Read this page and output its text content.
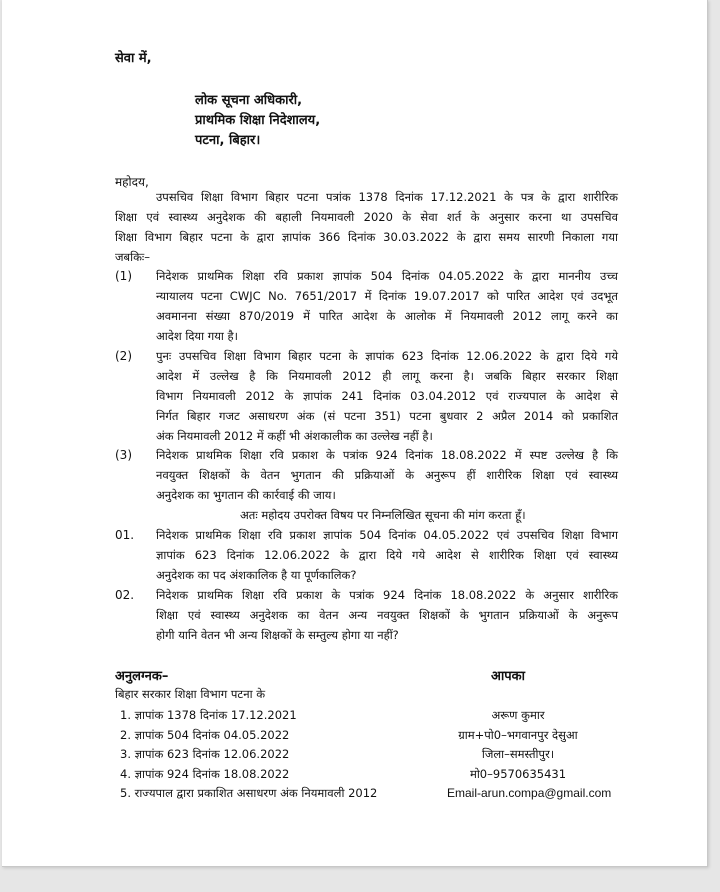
सेवा में,
लोक सूचना अधिकारी,
प्राथमिक शिक्षा निदेशालय,
पटना, बिहार।
महोदय,
उपसचिव शिक्षा विभाग बिहार पटना पत्रांक 1378 दिनांक 17.12.2021 के पत्र के द्वारा शारीरिक
शिक्षा एवं स्वास्थ्य अनुदेशक की बहाली नियमावली 2020 के सेवा शर्त के अनुसार करना था उपसचिव
शिक्षा विभाग बिहार पटना के द्वारा ज्ञापांक 366 दिनांक 30.03.2022 के द्वारा समय सारणी निकाला गया
जबकिः–
(1) निदेशक प्राथमिक शिक्षा रवि प्रकाश ज्ञापांक 504 दिनांक 04.05.2022 के द्वारा माननीय उच्च
न्यायालय पटना CWJC No. 7651/2017 में दिनांक 19.07.2017 को पारित आदेश एवं उदभूत
अवमानना संख्या 870/2019 में पारित आदेश के आलोक में नियमावली 2012 लागू करने का
आदेश दिया गया है।
(2) पुनः उपसचिव शिक्षा विभाग बिहार पटना के ज्ञापांक 623 दिनांक 12.06.2022 के द्वारा दिये गये
आदेश में उल्लेख है कि नियमावली 2012 ही लागू करना है। जबकि बिहार सरकार शिक्षा
विभाग नियमावली 2012 के ज्ञापांक 241 दिनांक 03.04.2012 एवं राज्यपाल के आदेश से
निर्गत बिहार गजट असाधरण अंक (सं पटना 351) पटना बुधवार 2 अप्रैल 2014 को प्रकाशित
अंक नियमावली 2012 में कहीं भी अंशकालीक का उल्लेख नहीं है।
(3) निदेशक प्राथमिक शिक्षा रवि प्रकाश के पत्रांक 924 दिनांक 18.08.2022 में स्पष्ट उल्लेख है कि
नवयुक्त शिक्षकों के वेतन भुगतान की प्रक्रियाओं के अनुरूप हीं शारीरिक शिक्षा एवं स्वास्थ्य
अनुदेशक का भुगतान की कार्रवाई की जाय।
अतः महोदय उपरोक्त विषय पर निम्नलिखित सूचना की मांग करता हूँ।
01. निदेशक प्राथमिक शिक्षा रवि प्रकाश ज्ञापांक 504 दिनांक 04.05.2022 एवं उपसचिव शिक्षा विभाग
ज्ञापांक 623 दिनांक 12.06.2022 के द्वारा दिये गये आदेश से शारीरिक शिक्षा एवं स्वास्थ्य
अनुदेशक का पद अंशकालिक है या पूर्णकालिक?
02. निदेशक प्राथमिक शिक्षा रवि प्रकाश के पत्रांक 924 दिनांक 18.08.2022 के अनुसार शारीरिक
शिक्षा एवं स्वास्थ्य अनुदेशक का वेतन अन्य नवयुक्त शिक्षकों के भुगतान प्रक्रियाओं के अनुरूप
होगी यानि वेतन भी अन्य शिक्षकों के सम्तुल्य होगा या नहीं?
अनुलग्नक–
बिहार सरकार शिक्षा विभाग पटना के
1. ज्ञापांक 1378 दिनांक 17.12.2021
2. ज्ञापांक 504 दिनांक 04.05.2022
3. ज्ञापांक 623 दिनांक 12.06.2022
4. ज्ञापांक 924 दिनांक 18.08.2022
5. राज्यपाल द्वारा प्रकाशित असाधरण अंक नियमावली 2012
आपका
अरूण कुमार
ग्राम+पो0–भगवानपुर देसुआ
जिला–समस्तीपुर।
मो0–9570635431
Email-arun.compa@gmail.com
